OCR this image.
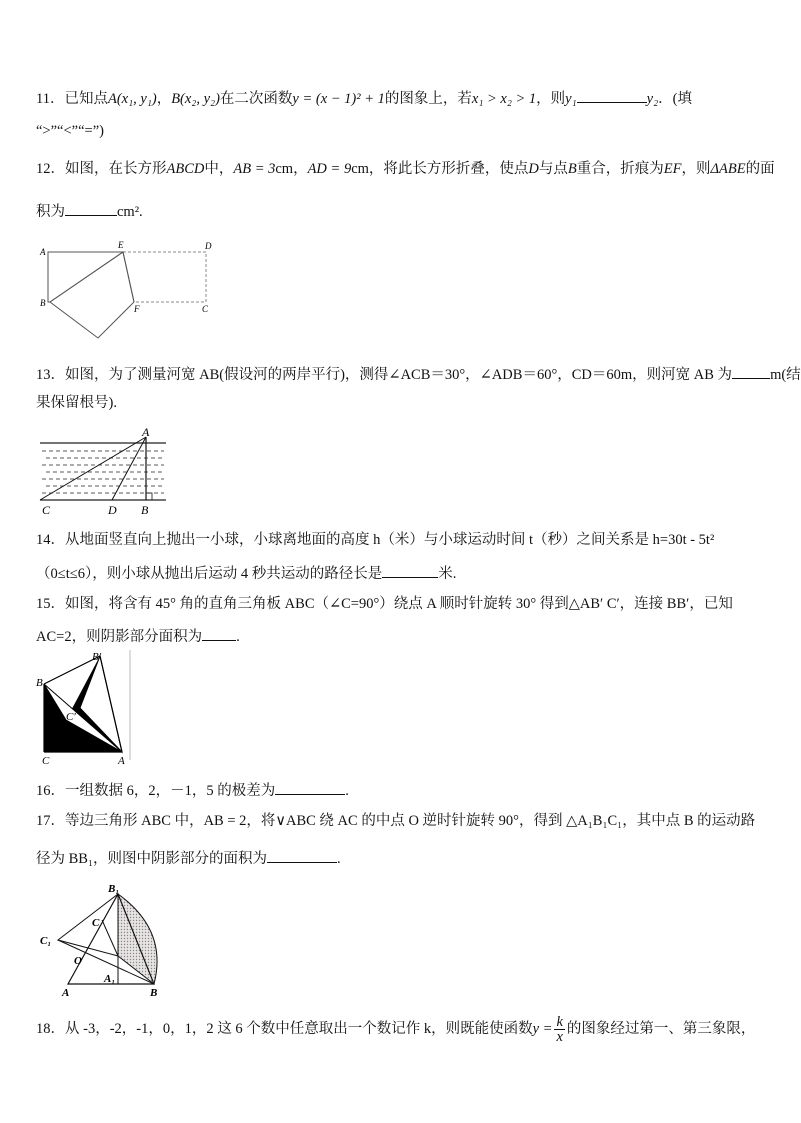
11．已知点A(x₁, y₁)，B(x₂, y₂)在二次函数y = (x − 1)² + 1的图象上，若x₁ > x₂ > 1，则y₁	y₂．(填
“>”“<”“=”)
12．如图，在长方形ABCD中，AB = 3cm，AD = 9cm，将此长方形折叠，使点D与点B重合，折痕为EF，则ΔABE的面
积为	cm².
A
E	D
B
F	C
13．如图，为了测量河宽 AB(假设河的两岸平行)，测得∠ACB＝30°，∠ADB＝60°，CD＝60m，则河宽 AB 为	m(结
果保留根号).
A
C	D B
14．从地面竖直向上抛出一小球，小球离地面的高度 h（米）与小球运动时间 t（秒）之间关系是 h=30t - 5t²
（0≤t≤6），则小球从抛出后运动 4 秒共运动的路径长是	米.
15．如图，将含有 45° 角的直角三角板 ABC（∠C=90°）绕点 A 顺时针旋转 30° 得到△AB′ C′，连接 BB′，已知
AC=2，则阴影部分面积为 .
B′
B
C′
C	A
16．一组数据 6，2，－1，5 的极差为	.
17．等边三角形 ABC 中，AB = 2，将∨ABC 绕 AC 的中点 O 逆时针旋转 90°，得到 △A₁B₁C₁，其中点 B 的运动路
径为 BB₁，则图中阴影部分的面积为	.
B₁
C
C₁
O
A
A₁
B
18．从 -3，-2，-1，0，1，2 这 6 个数中任意取出一个数记作 k，则既能使函数$y = \frac{k}{x}$ 的图象经过第一、第三象限，
